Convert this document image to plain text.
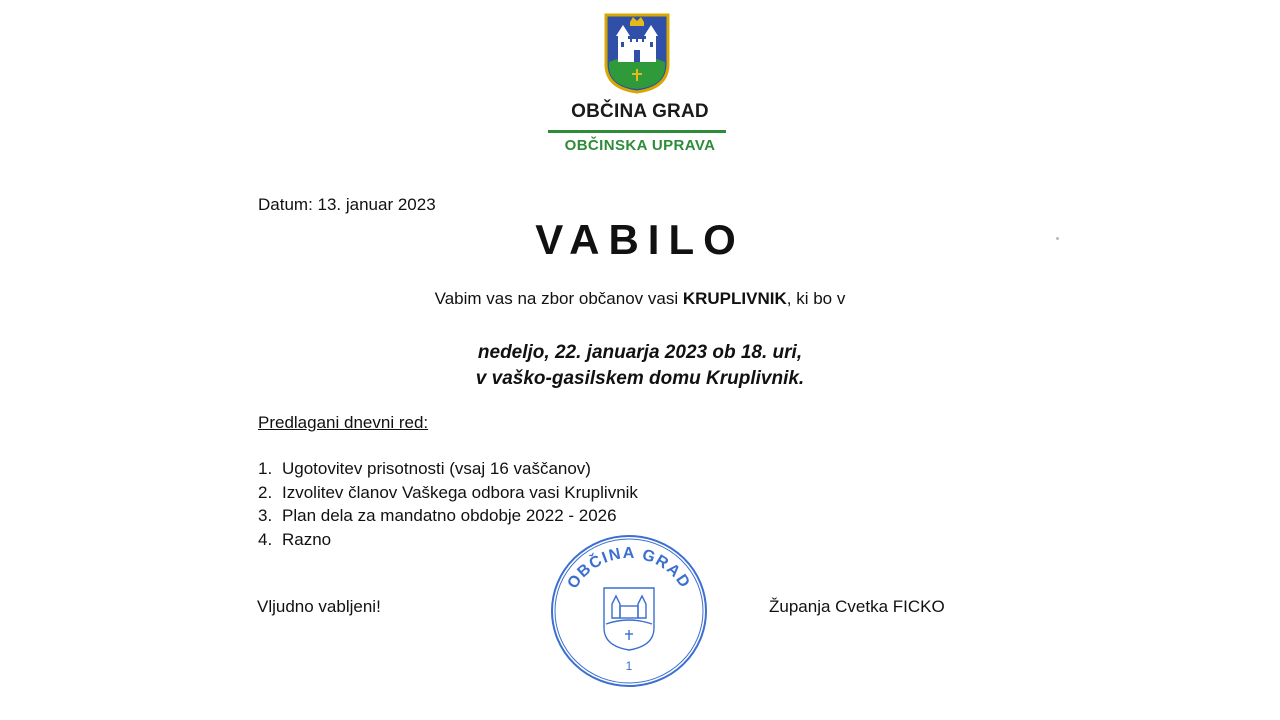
OBČINA GRAD
OBČINSKA UPRAVA
Datum: 13. januar 2023
VABILO
Vabim vas na zbor občanov vasi KRUPLIVNIK, ki bo v
nedeljo, 22. januarja 2023 ob 18. uri,
v vaško-gasilskem domu Kruplivnik.
Predlagani dnevni red:
1. Ugotovitev prisotnosti (vsaj 16 vaščanov)
2. Izvolitev članov Vaškega odbora vasi Kruplivnik
3. Plan dela za mandatno obdobje 2022 - 2026
4. Razno
Vljudno vabljeni!	Županja Cvetka FICKO
OBČINA GRAD
1
